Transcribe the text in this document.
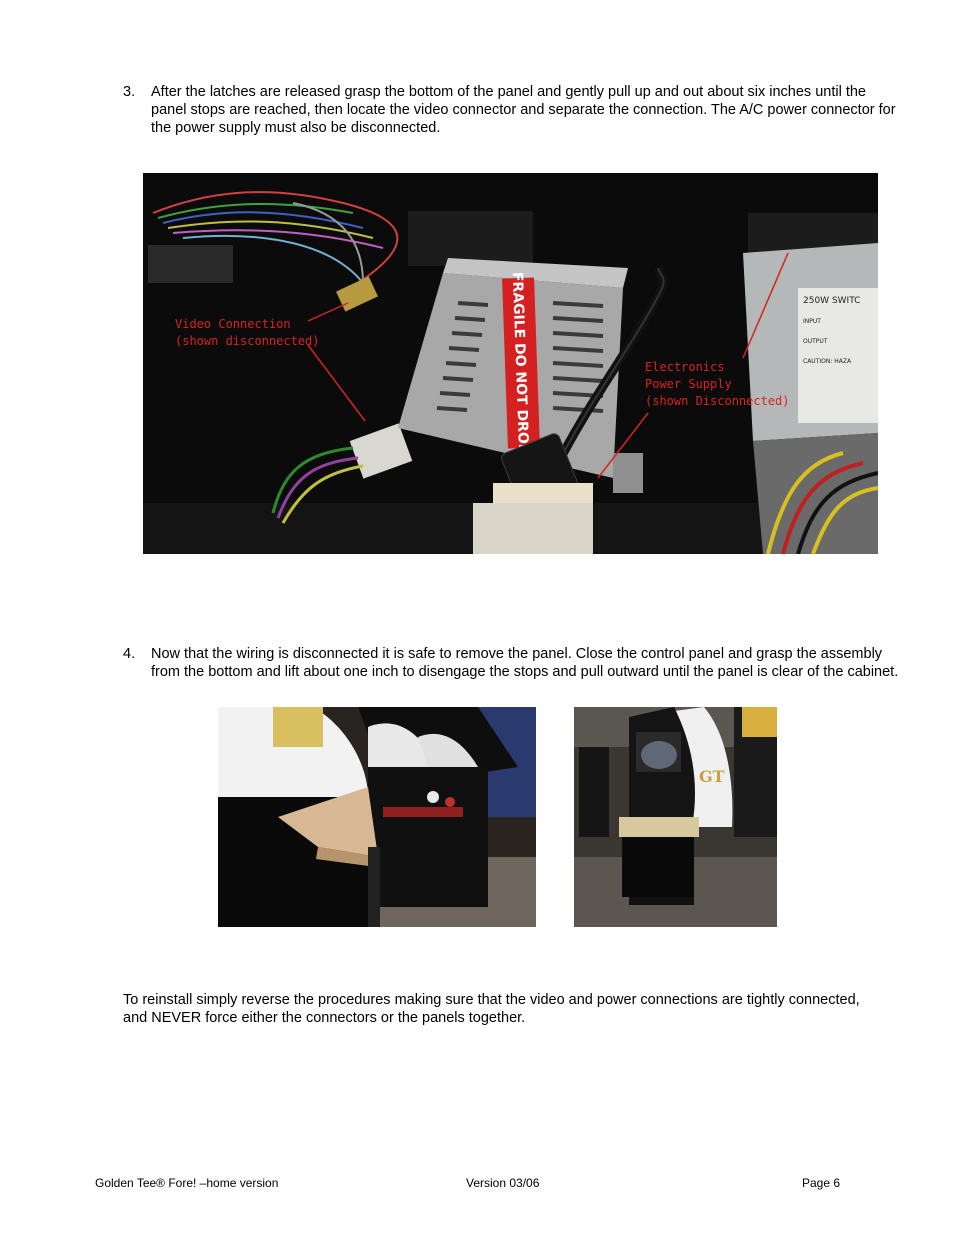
3. After the latches are released grasp the bottom of the panel and gently pull up and out about six inches until the panel stops are reached, then locate the video connector and separate the connection. The A/C power connector for the power supply must also be disconnected.
FRAGILE DO NOT DROP	250W SWITC
INPUT
OUTPUT
CAUTION: HAZA
Video Connection
(shown disconnected)
Electronics
Power Supply
(shown Disconnected)
4. Now that the wiring is disconnected it is safe to remove the panel. Close the control panel and grasp the assembly from the bottom and lift about one inch to disengage the stops and pull outward until the panel is clear of the cabinet.
GT
To reinstall simply reverse the procedures making sure that the video and power connections are tightly connected, and NEVER force either the connectors or the panels together.
Golden Tee® Fore! –home version	Version 03/06	Page 6
